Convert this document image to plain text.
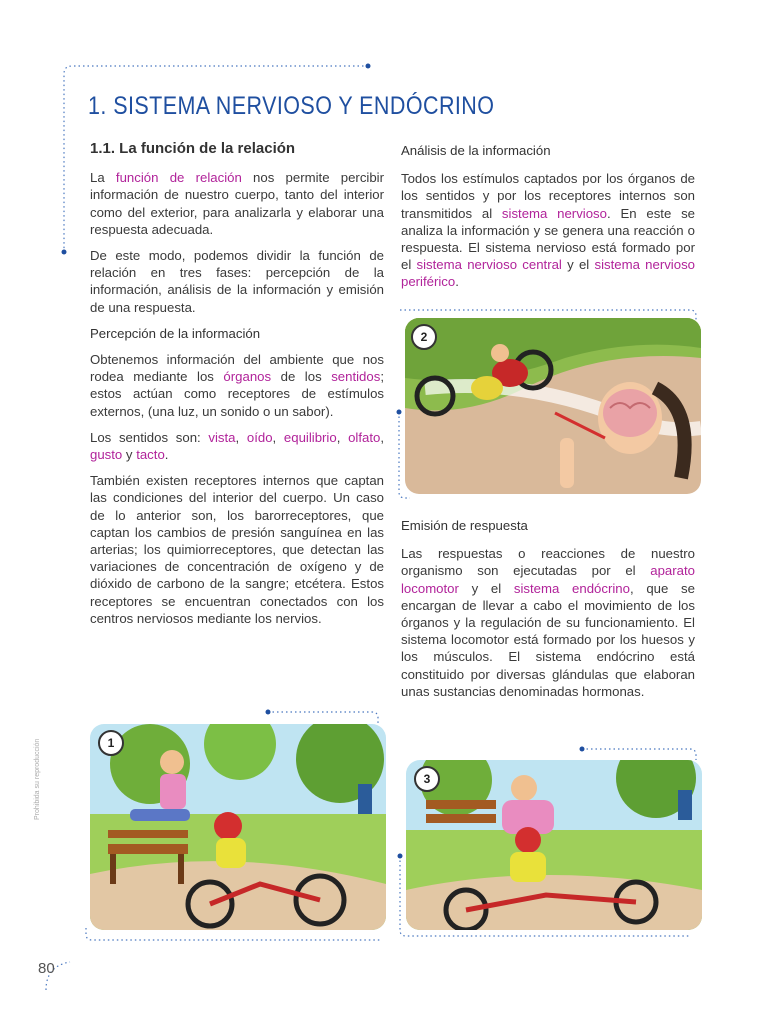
1. SISTEMA NERVIOSO Y ENDÓCRINO
1.1. La función de la relación

La función de relación nos permite percibir información de nuestro cuerpo, tanto del interior como del exterior, para analizarla y elaborar una respuesta adecuada.

De este modo, podemos dividir la función de relación en tres fases: percepción de la información, análisis de la información y emisión de una respuesta.

Percepción de la información

Obtenemos información del ambiente que nos rodea mediante los órganos de los sentidos; estos actúan como receptores de estímulos externos, (una luz, un sonido o un sabor).

Los sentidos son: vista, oído, equilibrio, olfato, gusto y tacto.

También existen receptores internos que captan las condiciones del interior del cuerpo. Un caso de lo anterior son, los barorreceptores, que captan los cambios de presión sanguínea en las arterias; los quimiorreceptores, que detectan las variaciones de concentración de oxígeno y de dióxido de carbono de la sangre; etcétera. Estos receptores se encuentran conectados con los centros nerviosos mediante los nervios.

Análisis de la información

Todos los estímulos captados por los órganos de los sentidos y por los receptores internos son transmitidos al sistema nervioso. En este se analiza la información y se genera una reacción o respuesta. El sistema nervioso está formado por el sistema nervioso central y el sistema nervioso periférico.

Emisión de respuesta

Las respuestas o reacciones de nuestro organismo son ejecutadas por el aparato locomotor y el sistema endócrino, que se encargan de llevar a cabo el movimiento de los órganos y la regulación de su funcionamiento. El sistema locomotor está formado por los huesos y los músculos. El sistema endócrino está constituido por diversas glándulas que elaboran unas sustancias denominadas hormonas.

2
1
3
Prohibida su reproducción
80
